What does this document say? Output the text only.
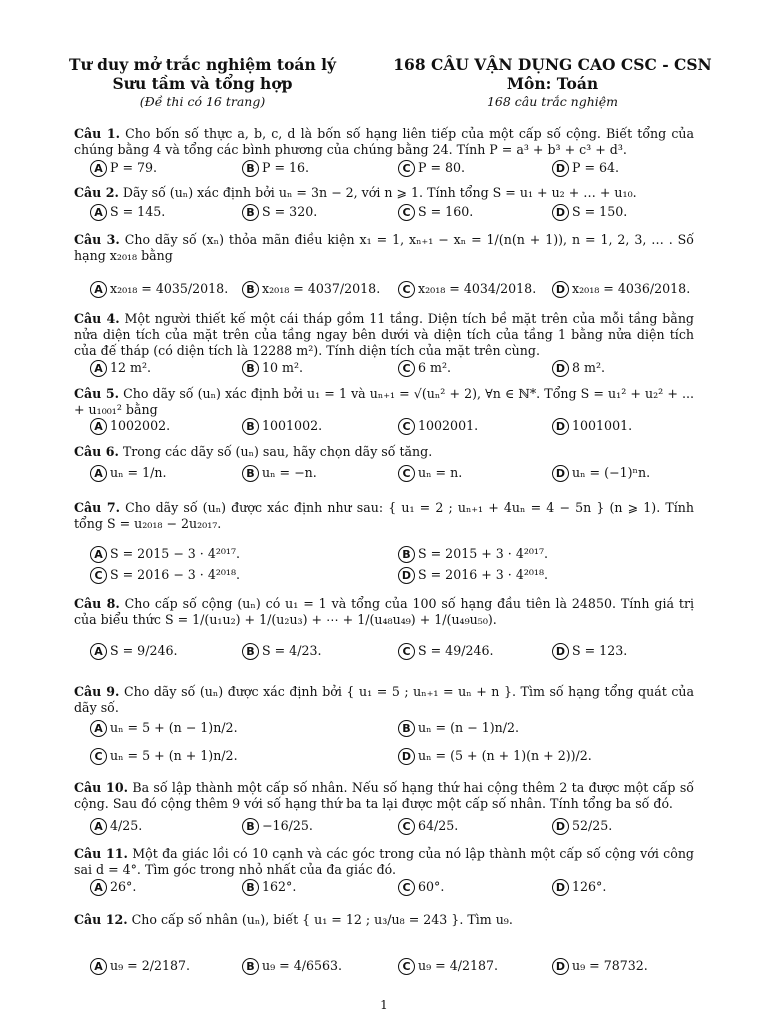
Tư duy mở trắc nghiệm toán lý
Sưu tầm và tổng hợp
(Đề thi có 16 trang)
168 CÂU VẬN DỤNG CAO CSC - CSN
Môn: Toán
168 câu trắc nghiệm
Câu 1. Cho bốn số thực a, b, c, d là bốn số hạng liên tiếp của một cấp số cộng. Biết tổng của chúng bằng 4 và tổng các bình phương của chúng bằng 24. Tính P = a³ + b³ + c³ + d³.
A P = 79.	B P = 16.	C P = 80.	D P = 64.
Câu 2. Dãy số (uₙ) xác định bởi uₙ = 3n − 2, với n ⩾ 1. Tính tổng S = u₁ + u₂ + … + u₁₀.
A S = 145.	B S = 320.	C S = 160.	D S = 150.
Câu 3. Cho dãy số (xₙ) thỏa mãn điều kiện x₁ = 1, xₙ₊₁ − xₙ = 1/(n(n + 1)), n = 1, 2, 3, … . Số hạng x₂₀₁₈ bằng
A x₂₀₁₈ = 4035/2018.	B x₂₀₁₈ = 4037/2018.	C x₂₀₁₈ = 4034/2018.	D x₂₀₁₈ = 4036/2018.
Câu 4. Một người thiết kế một cái tháp gồm 11 tầng. Diện tích bề mặt trên của mỗi tầng bằng nửa diện tích của mặt trên của tầng ngay bên dưới và diện tích của tầng 1 bằng nửa diện tích của đế tháp (có diện tích là 12288 m²). Tính diện tích của mặt trên cùng.
A 12 m².	B 10 m².	C 6 m².	D 8 m².
Câu 5. Cho dãy số (uₙ) xác định bởi u₁ = 1 và uₙ₊₁ = √(uₙ² + 2), ∀n ∈ ℕ*. Tổng S = u₁² + u₂² + ... + u₁₀₀₁² bằng
A 1002002.	B 1001002.	C 1002001.	D 1001001.
Câu 6. Trong các dãy số (uₙ) sau, hãy chọn dãy số tăng.
A uₙ = 1/n.	B uₙ = −n.	C uₙ = n.	D uₙ = (−1)ⁿn.
Câu 7. Cho dãy số (uₙ) được xác định như sau: { u₁ = 2 ; uₙ₊₁ + 4uₙ = 4 − 5n } (n ⩾ 1). Tính tổng S = u₂₀₁₈ − 2u₂₀₁₇.
A S = 2015 − 3 · 4²⁰¹⁷.	B S = 2015 + 3 · 4²⁰¹⁷.
C S = 2016 − 3 · 4²⁰¹⁸.	D S = 2016 + 3 · 4²⁰¹⁸.
Câu 8. Cho cấp số cộng (uₙ) có u₁ = 1 và tổng của 100 số hạng đầu tiên là 24850. Tính giá trị của biểu thức S = 1/(u₁u₂) + 1/(u₂u₃) + ⋯ + 1/(u₄₈u₄₉) + 1/(u₄₉u₅₀).
A S = 9/246.	B S = 4/23.	C S = 49/246.	D S = 123.
Câu 9. Cho dãy số (uₙ) được xác định bởi { u₁ = 5 ; uₙ₊₁ = uₙ + n }. Tìm số hạng tổng quát của dãy số.
A uₙ = 5 + (n − 1)n/2.	B uₙ = (n − 1)n/2.
C uₙ = 5 + (n + 1)n/2.	D uₙ = (5 + (n + 1)(n + 2))/2.
Câu 10. Ba số lập thành một cấp số nhân. Nếu số hạng thứ hai cộng thêm 2 ta được một cấp số cộng. Sau đó cộng thêm 9 với số hạng thứ ba ta lại được một cấp số nhân. Tính tổng ba số đó.
A 4/25.	B −16/25.	C 64/25.	D 52/25.
Câu 11. Một đa giác lồi có 10 cạnh và các góc trong của nó lập thành một cấp số cộng với công sai d = 4°. Tìm góc trong nhỏ nhất của đa giác đó.
A 26°.	B 162°.	C 60°.	D 126°.
Câu 12. Cho cấp số nhân (uₙ), biết { u₁ = 12 ; u₃/u₈ = 243 }. Tìm u₉.
A u₉ = 2/2187.	B u₉ = 4/6563.	C u₉ = 4/2187.	D u₉ = 78732.
1
